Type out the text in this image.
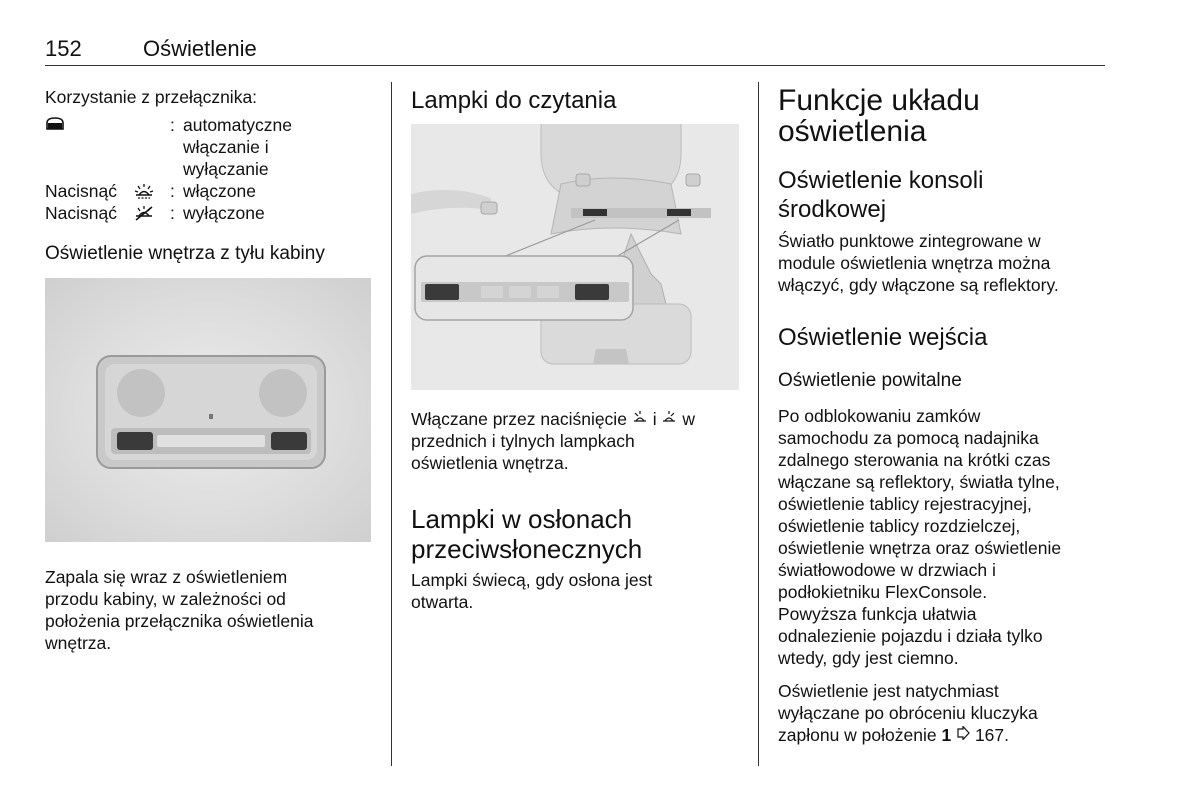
152	Oświetlenie
Korzystanie z przełącznika:
: automatyczne
włączanie i
wyłączanie
Nacisnąć	: włączone
Nacisnąć	: wyłączone
Oświetlenie wnętrza z tyłu kabiny
Zapala się wraz z oświetleniem
przodu kabiny, w zależności od
położenia przełącznika oświetlenia
wnętrza.
Lampki do czytania
Włączane przez naciśnięcie i w
przednich i tylnych lampkach
oświetlenia wnętrza.
Lampki w osłonach
przeciwsłonecznych
Lampki świecą, gdy osłona jest
otwarta.
Funkcje układu
oświetlenia
Oświetlenie konsoli
środkowej
Światło punktowe zintegrowane w
module oświetlenia wnętrza można
włączyć, gdy włączone są reflektory.
Oświetlenie wejścia
Oświetlenie powitalne
Po odblokowaniu zamków
samochodu za pomocą nadajnika
zdalnego sterowania na krótki czas
włączane są reflektory, światła tylne,
oświetlenie tablicy rejestracyjnej,
oświetlenie tablicy rozdzielczej,
oświetlenie wnętrza oraz oświetlenie
światłowodowe w drzwiach i
podłokietniku FlexConsole.
Powyższa funkcja ułatwia
odnalezienie pojazdu i działa tylko
wtedy, gdy jest ciemno.
Oświetlenie jest natychmiast
wyłączane po obróceniu kluczyka
zapłonu w położenie 1 167.
